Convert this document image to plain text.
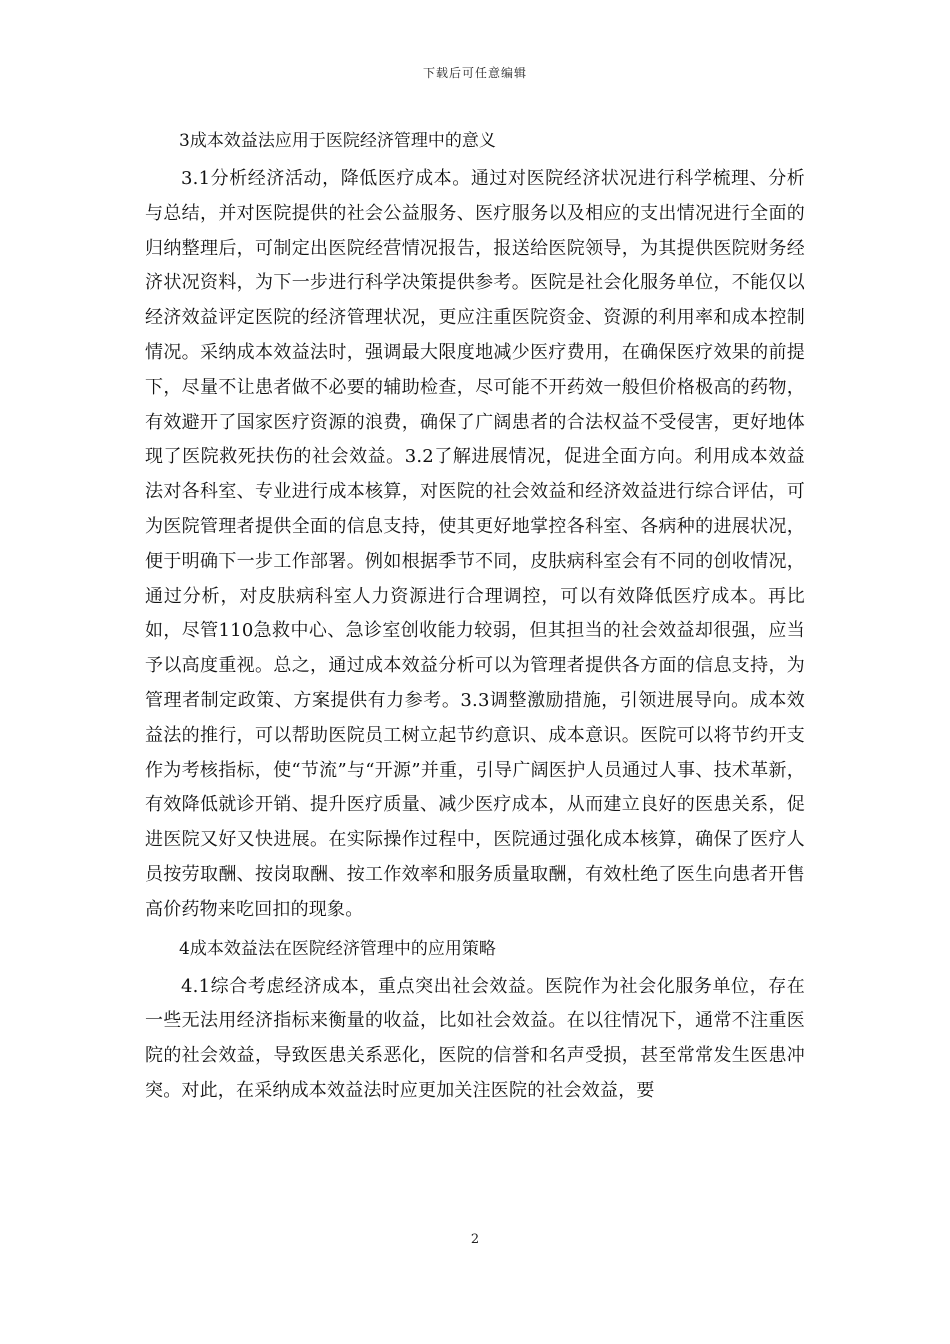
下载后可任意编辑
3成本效益法应用于医院经济管理中的意义

3.1分析经济活动，降低医疗成本。通过对医院经济状况进行科学梳理、分析与总结，并对医院提供的社会公益服务、医疗服务以及相应的支出情况进行全面的归纳整理后，可制定出医院经营情况报告，报送给医院领导，为其提供医院财务经济状况资料，为下一步进行科学决策提供参考。医院是社会化服务单位，不能仅以经济效益评定医院的经济管理状况，更应注重医院资金、资源的利用率和成本控制情况。采纳成本效益法时，强调最大限度地减少医疗费用，在确保医疗效果的前提下，尽量不让患者做不必要的辅助检查，尽可能不开药效一般但价格极高的药物，有效避开了国家医疗资源的浪费，确保了广阔患者的合法权益不受侵害，更好地体现了医院救死扶伤的社会效益。3.2了解进展情况，促进全面方向。利用成本效益法对各科室、专业进行成本核算，对医院的社会效益和经济效益进行综合评估，可为医院管理者提供全面的信息支持，使其更好地掌控各科室、各病种的进展状况，便于明确下一步工作部署。例如根据季节不同，皮肤病科室会有不同的创收情况，通过分析，对皮肤病科室人力资源进行合理调控，可以有效降低医疗成本。再比如，尽管110急救中心、急诊室创收能力较弱，但其担当的社会效益却很强，应当予以高度重视。总之，通过成本效益分析可以为管理者提供各方面的信息支持，为管理者制定政策、方案提供有力参考。3.3调整激励措施，引领进展导向。成本效益法的推行，可以帮助医院员工树立起节约意识、成本意识。医院可以将节约开支作为考核指标，使“节流”与“开源”并重，引导广阔医护人员通过人事、技术革新，有效降低就诊开销、提升医疗质量、减少医疗成本，从而建立良好的医患关系，促进医院又好又快进展。在实际操作过程中，医院通过强化成本核算，确保了医疗人员按劳取酬、按岗取酬、按工作效率和服务质量取酬，有效杜绝了医生向患者开售高价药物来吃回扣的现象。

4成本效益法在医院经济管理中的应用策略

4.1综合考虑经济成本，重点突出社会效益。医院作为社会化服务单位，存在一些无法用经济指标来衡量的收益，比如社会效益。在以往情况下，通常不注重医院的社会效益，导致医患关系恶化，医院的信誉和名声受损，甚至常常发生医患冲突。对此，在采纳成本效益法时应更加关注医院的社会效益，要

2
